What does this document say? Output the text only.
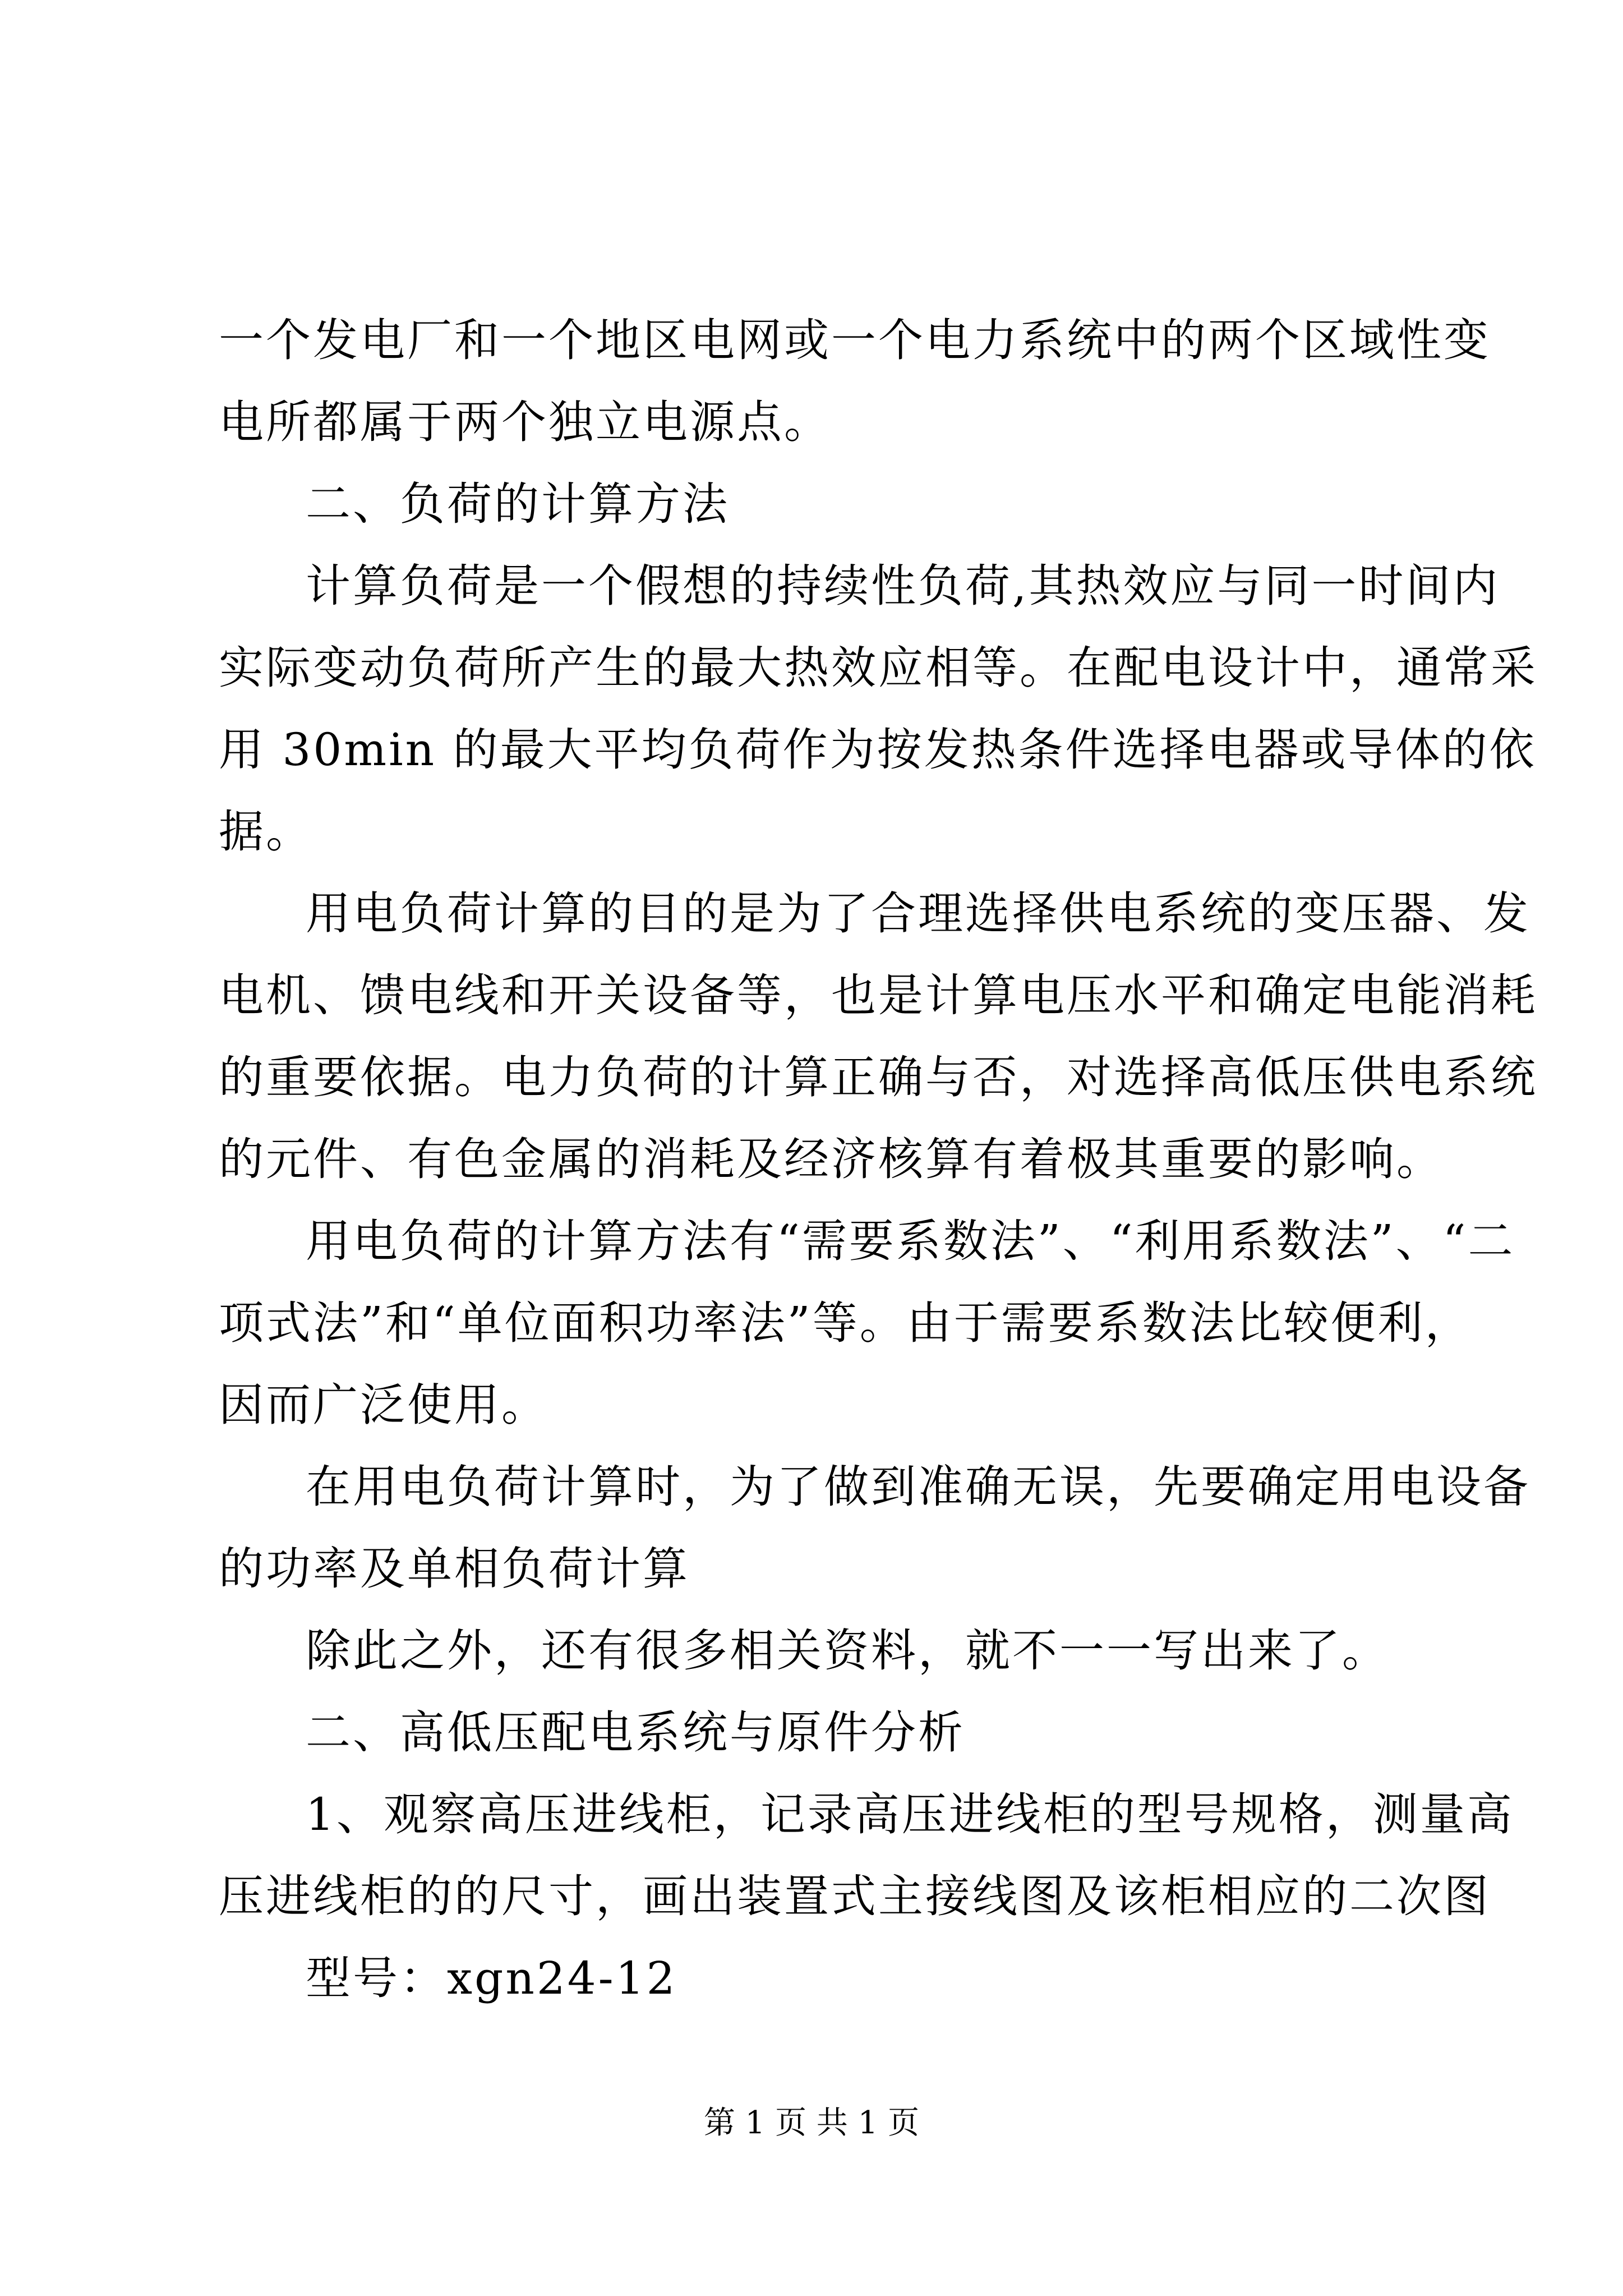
一个发电厂和一个地区电网或一个电力系统中的两个区域性变
电所都属于两个独立电源点。
二、负荷的计算方法
计算负荷是一个假想的持续性负荷,其热效应与同一时间内
实际变动负荷所产生的最大热效应相等。在配电设计中，通常采
用 30min 的最大平均负荷作为按发热条件选择电器或导体的依
据。
用电负荷计算的目的是为了合理选择供电系统的变压器、发
电机、馈电线和开关设备等，也是计算电压水平和确定电能消耗
的重要依据。电力负荷的计算正确与否，对选择高低压供电系统
的元件、有色金属的消耗及经济核算有着极其重要的影响。
用电负荷的计算方法有“需要系数法”、“利用系数法”、“二
项式法”和“单位面积功率法”等。由于需要系数法比较便利，
因而广泛使用。
在用电负荷计算时，为了做到准确无误，先要确定用电设备
的功率及单相负荷计算
除此之外，还有很多相关资料，就不一一写出来了。
二、高低压配电系统与原件分析
1、观察高压进线柜，记录高压进线柜的型号规格，测量高
压进线柜的的尺寸，画出装置式主接线图及该柜相应的二次图
型号：xgn24-12
第 1 页 共 1 页
